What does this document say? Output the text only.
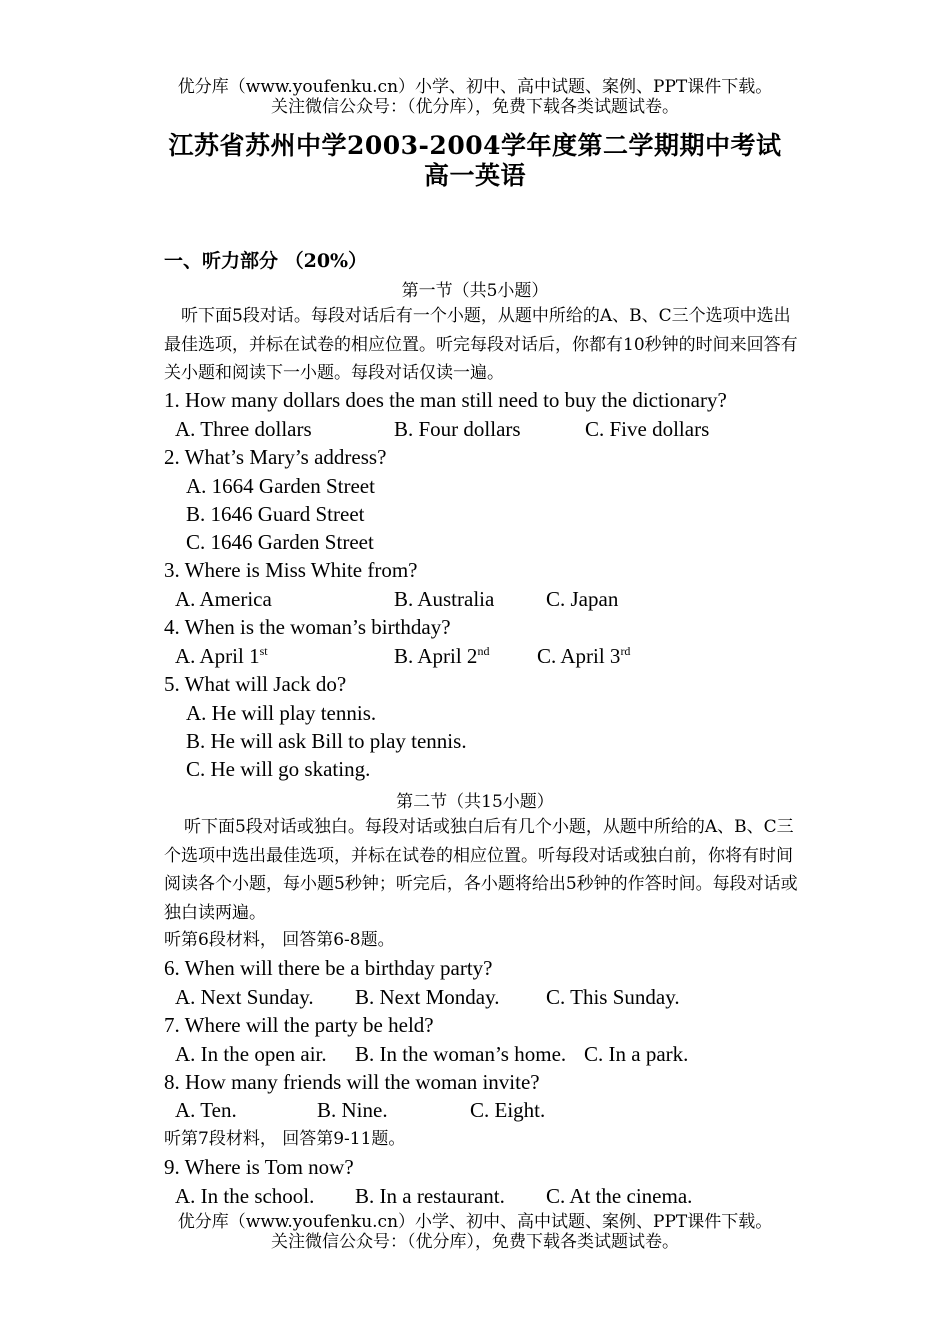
优分库（www.youfenku.cn）小学、初中、高中试题、案例、PPT课件下载。
关注微信公众号：（优分库），免费下载各类试题试卷。
江苏省苏州中学2003-2004学年度第二学期期中考试
高一英语
一、听力部分 （20%）
第一节（共5小题）
听下面5段对话。每段对话后有一个小题，从题中所给的A、B、C三个选项中选出最佳选项，并标在试卷的相应位置。听完每段对话后，你都有10秒钟的时间来回答有关小题和阅读下一小题。每段对话仅读一遍。
1. How many dollars does the man still need to buy the dictionary?
A. Three dollars	B. Four dollars	C. Five dollars
2. What’s Mary’s address?
A. 1664 Garden Street
B. 1646 Guard Street
C. 1646 Garden Street
3. Where is Miss White from?
A. America	B. Australia C. Japan
4. When is the woman’s birthday?
A. April 1st	B. April 2nd C. April 3rd
5. What will Jack do?
A. He will play tennis.
B. He will ask Bill to play tennis.
C. He will go skating.
第二节（共15小题）
听下面5段对话或独白。每段对话或独白后有几个小题，从题中所给的A、B、C三个选项中选出最佳选项，并标在试卷的相应位置。听每段对话或独白前，你将有时间阅读各个小题，每小题5秒钟；听完后，各小题将给出5秒钟的作答时间。每段对话或独白读两遍。
听第6段材料， 回答第6-8题。
6. When will there be a birthday party?
A. Next Sunday. B. Next Monday. C. This Sunday.
7. Where will the party be held?
A. In the open air. B. In the woman’s home. C. In a park.
8. How many friends will the woman invite?
A. Ten.	B. Nine.	C. Eight.
听第7段材料， 回答第9-11题。
9. Where is Tom now?
A. In the school. B. In a restaurant. C. At the cinema.
优分库（www.youfenku.cn）小学、初中、高中试题、案例、PPT课件下载。
关注微信公众号：（优分库），免费下载各类试题试卷。
